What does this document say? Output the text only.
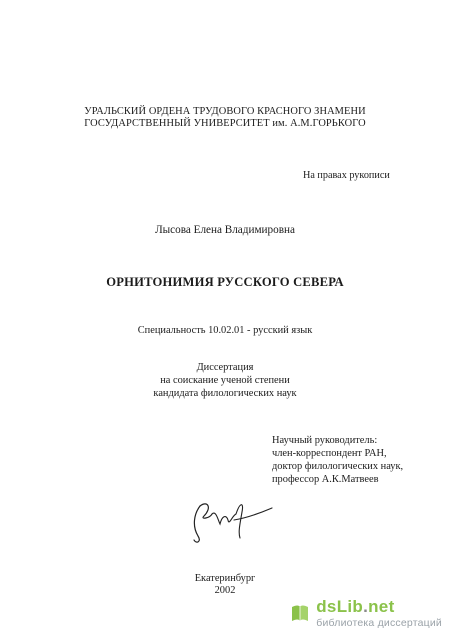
УРАЛЬСКИЙ ОРДЕНА ТРУДОВОГО КРАСНОГО ЗНАМЕНИ
ГОСУДАРСТВЕННЫЙ УНИВЕРСИТЕТ им. А.М.ГОРЬКОГО
На правах рукописи
Лысова Елена Владимировна
ОРНИТОНИМИЯ РУССКОГО СЕВЕРА
Специальность 10.02.01 - русский язык
Диссертация
на соискание ученой степени
кандидата филологических наук
Научный руководитель:
член-корреспондент РАН,
доктор филологических наук,
профессор А.К.Матвеев
Екатеринбург
2002
dsLib.net
библиотека диссертаций
